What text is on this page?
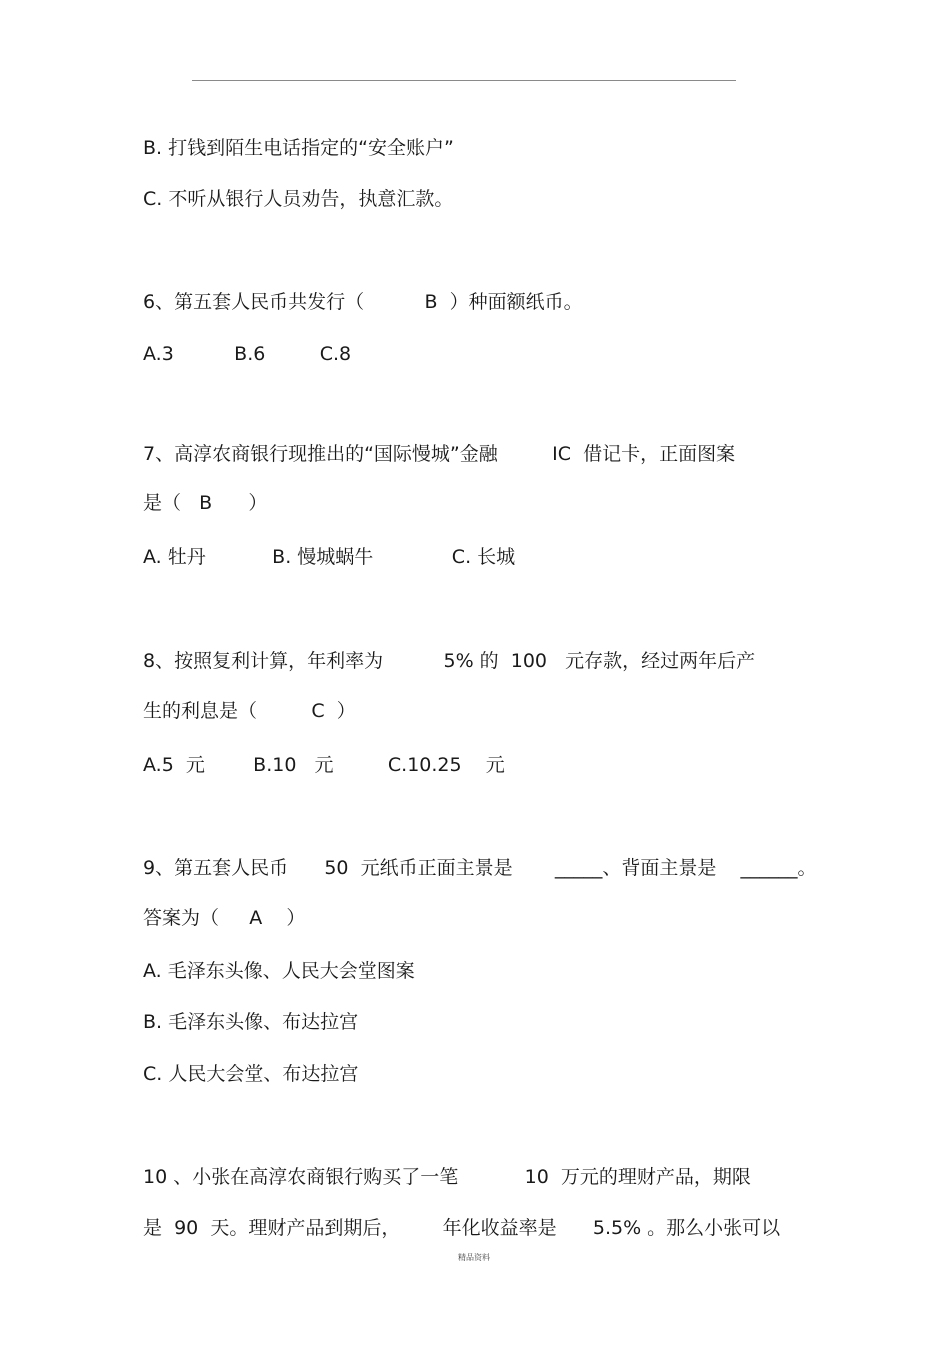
B. 打钱到陌生电话指定的“安全账户”
C. 不听从银行人员劝告，执意汇款。
6、第五套人民币共发行（          B  ）种面额纸币。
A.3          B.6         C.8
7、高淳农商银行现推出的“国际慢城”金融         IC  借记卡，正面图案
是（   B      ）
A. 牡丹           B. 慢城蜗牛             C. 长城
8、按照复利计算，年利率为          5% 的  100   元存款，经过两年后产
生的利息是（         C  ）
A.5  元        B.10   元         C.10.25    元
9、第五套人民币      50  元纸币正面主景是       _____、背面主景是    ______。
答案为（     A    ）
A. 毛泽东头像、人民大会堂图案
B. 毛泽东头像、布达拉宫
C. 人民大会堂、布达拉宫
10 、小张在高淳农商银行购买了一笔           10  万元的理财产品，期限
是  90  天。理财产品到期后，       年化收益率是      5.5% 。那么小张可以
精品资料
